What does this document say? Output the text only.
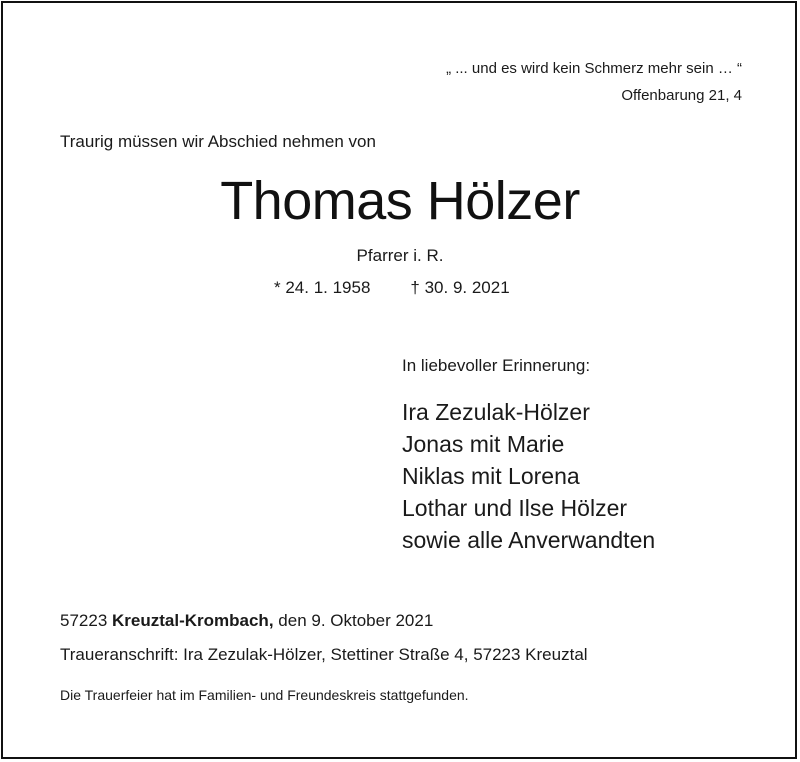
„ ... und es wird kein Schmerz mehr sein … “
Offenbarung 21, 4
Traurig müssen wir Abschied nehmen von
Thomas Hölzer
Pfarrer i. R.
* 24. 1. 1958 † 30. 9. 2021
In liebevoller Erinnerung:
Ira Zezulak-Hölzer
Jonas mit Marie
Niklas mit Lorena
Lothar und Ilse Hölzer
sowie alle Anverwandten
57223 Kreuztal-Krombach, den 9. Oktober 2021
Traueranschrift: Ira Zezulak-Hölzer, Stettiner Straße 4, 57223 Kreuztal
Die Trauerfeier hat im Familien- und Freundeskreis stattgefunden.
